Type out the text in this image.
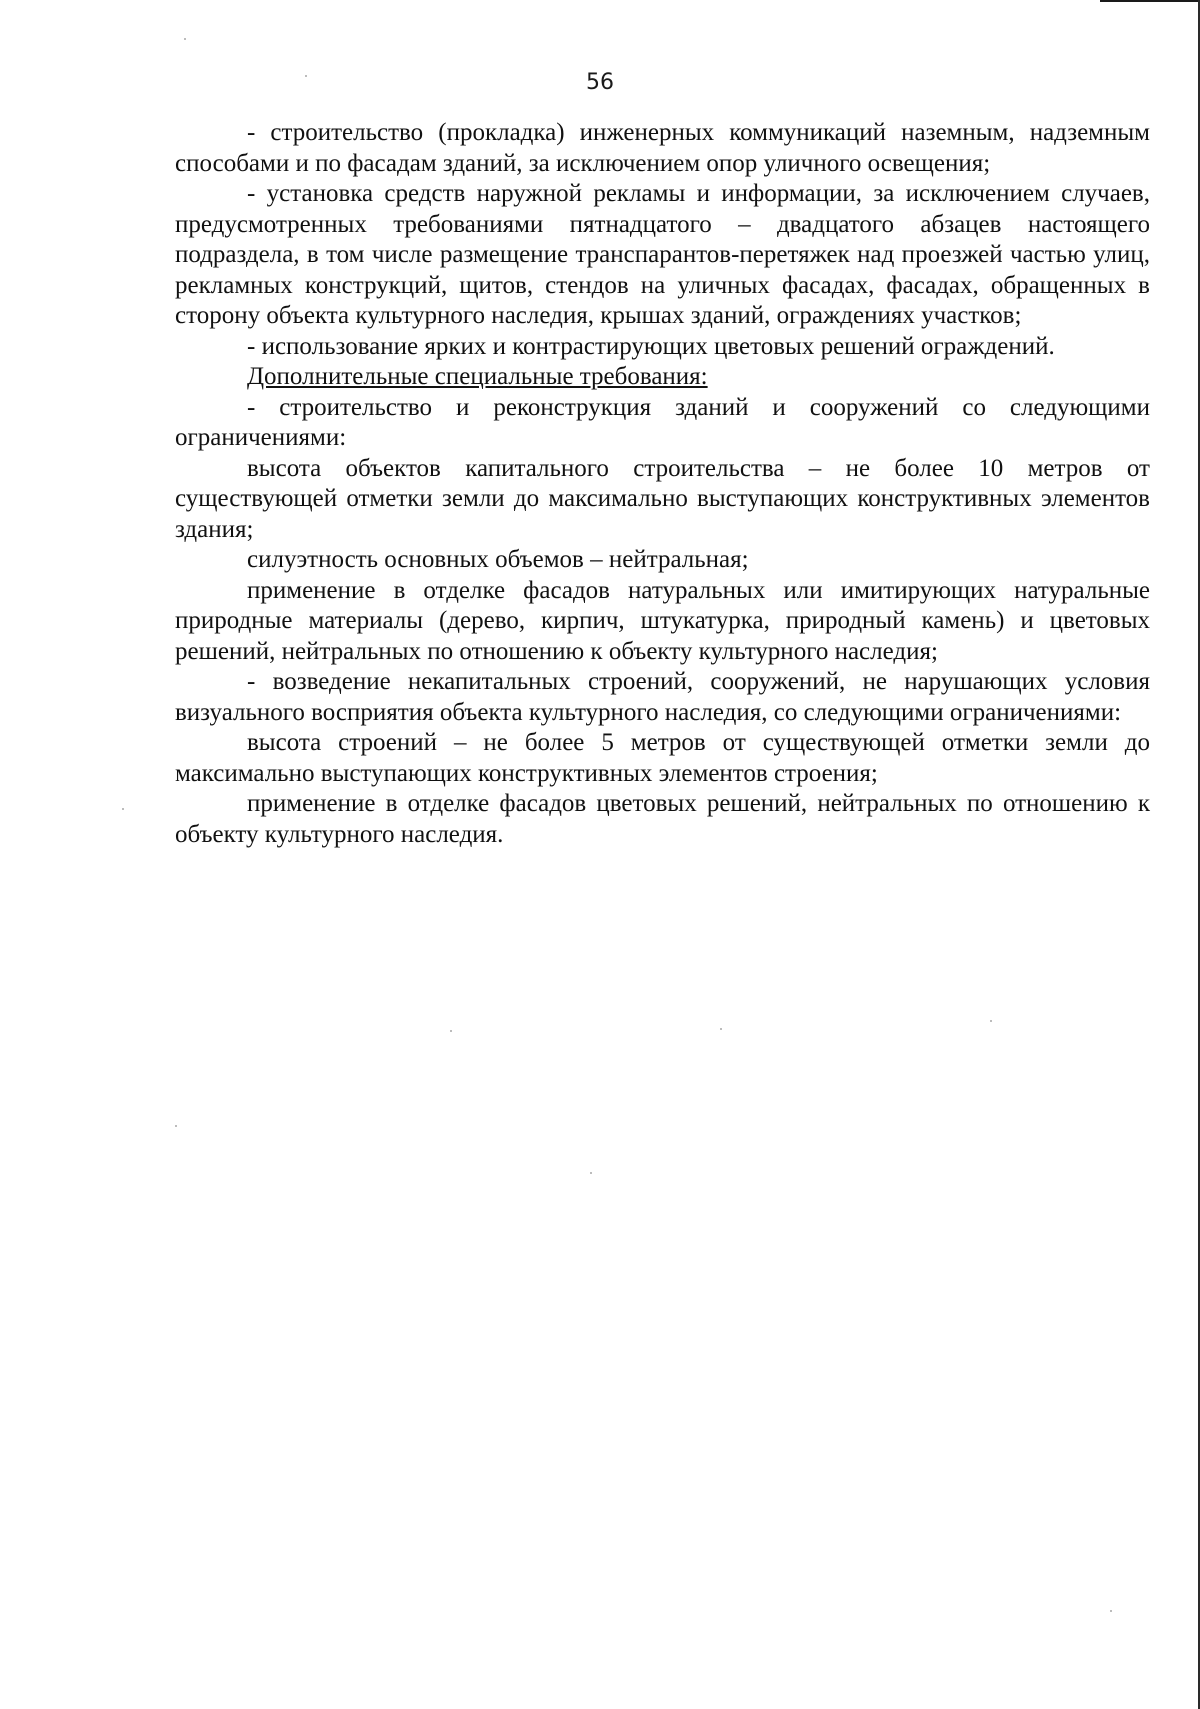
56

- строительство (прокладка) инженерных коммуникаций наземным, надземным способами и по фасадам зданий, за исключением опор уличного освещения;

- установка средств наружной рекламы и информации, за исключением случаев, предусмотренных требованиями пятнадцатого – двадцатого абзацев настоящего подраздела, в том числе размещение транспарантов-перетяжек над проезжей частью улиц, рекламных конструкций, щитов, стендов на уличных фасадах, фасадах, обращенных в сторону объекта культурного наследия, крышах зданий, ограждениях участков;

- использование ярких и контрастирующих цветовых решений ограждений.

Дополнительные специальные требования:

- строительство и реконструкция зданий и сооружений со следующими ограничениями:

высота объектов капитального строительства – не более 10 метров от существующей отметки земли до максимально выступающих конструктивных элементов здания;

силуэтность основных объемов – нейтральная;

применение в отделке фасадов натуральных или имитирующих натуральные природные материалы (дерево, кирпич, штукатурка, природный камень) и цветовых решений, нейтральных по отношению к объекту культурного наследия;

- возведение некапитальных строений, сооружений, не нарушающих условия визуального восприятия объекта культурного наследия, со следующими ограничениями:

высота строений – не более 5 метров от существующей отметки земли до максимально выступающих конструктивных элементов строения;

применение в отделке фасадов цветовых решений, нейтральных по отношению к объекту культурного наследия.
